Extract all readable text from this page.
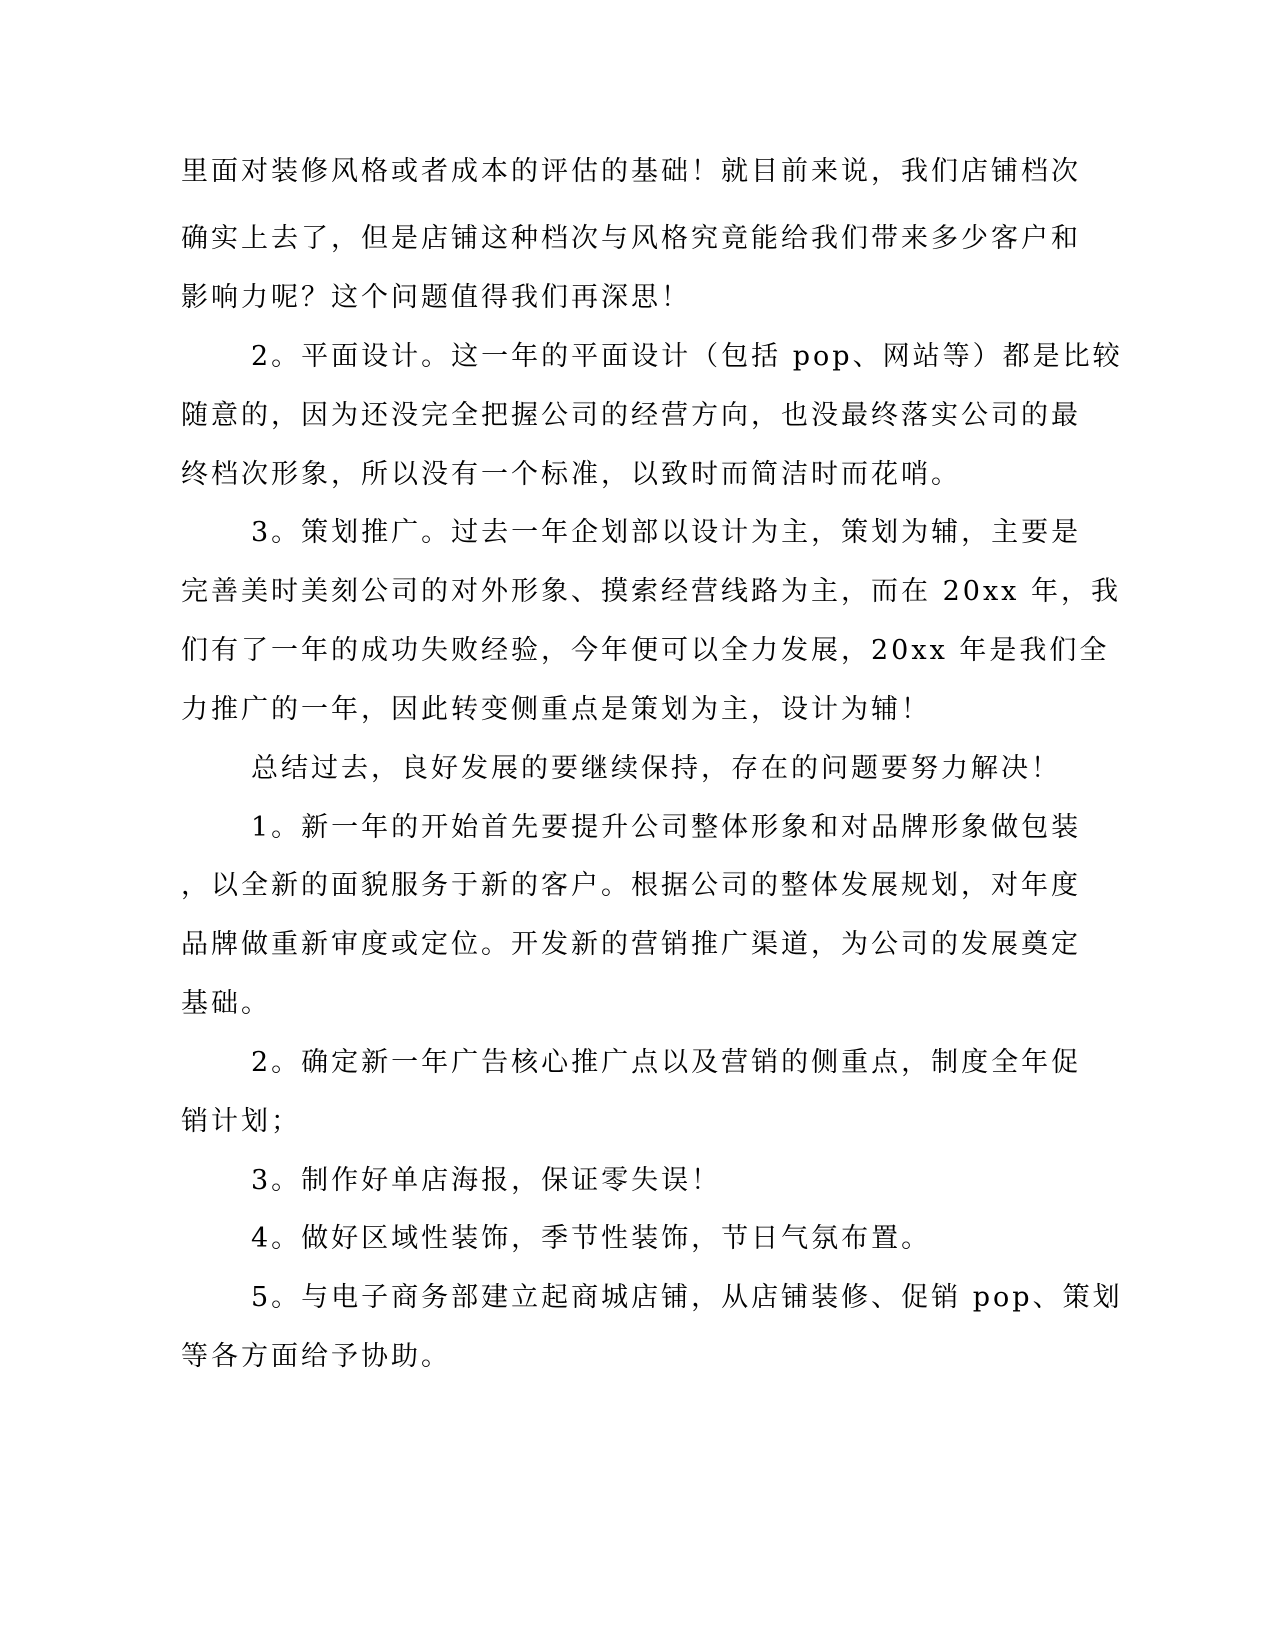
里面对装修风格或者成本的评估的基础！就目前来说，我们店铺档次
确实上去了，但是店铺这种档次与风格究竟能给我们带来多少客户和
影响力呢？这个问题值得我们再深思！
2。平面设计。这一年的平面设计（包括 pop、网站等）都是比较
随意的，因为还没完全把握公司的经营方向，也没最终落实公司的最
终档次形象，所以没有一个标准，以致时而简洁时而花哨。
3。策划推广。过去一年企划部以设计为主，策划为辅，主要是
完善美时美刻公司的对外形象、摸索经营线路为主，而在 20xx 年，我
们有了一年的成功失败经验，今年便可以全力发展，20xx 年是我们全
力推广的一年，因此转变侧重点是策划为主，设计为辅！
总结过去，良好发展的要继续保持，存在的问题要努力解决！
1。新一年的开始首先要提升公司整体形象和对品牌形象做包装
，以全新的面貌服务于新的客户。根据公司的整体发展规划，对年度
品牌做重新审度或定位。开发新的营销推广渠道，为公司的发展奠定
基础。
2。确定新一年广告核心推广点以及营销的侧重点，制度全年促
销计划；
3。制作好单店海报，保证零失误！
4。做好区域性装饰，季节性装饰，节日气氛布置。
5。与电子商务部建立起商城店铺，从店铺装修、促销 pop、策划
等各方面给予协助。
